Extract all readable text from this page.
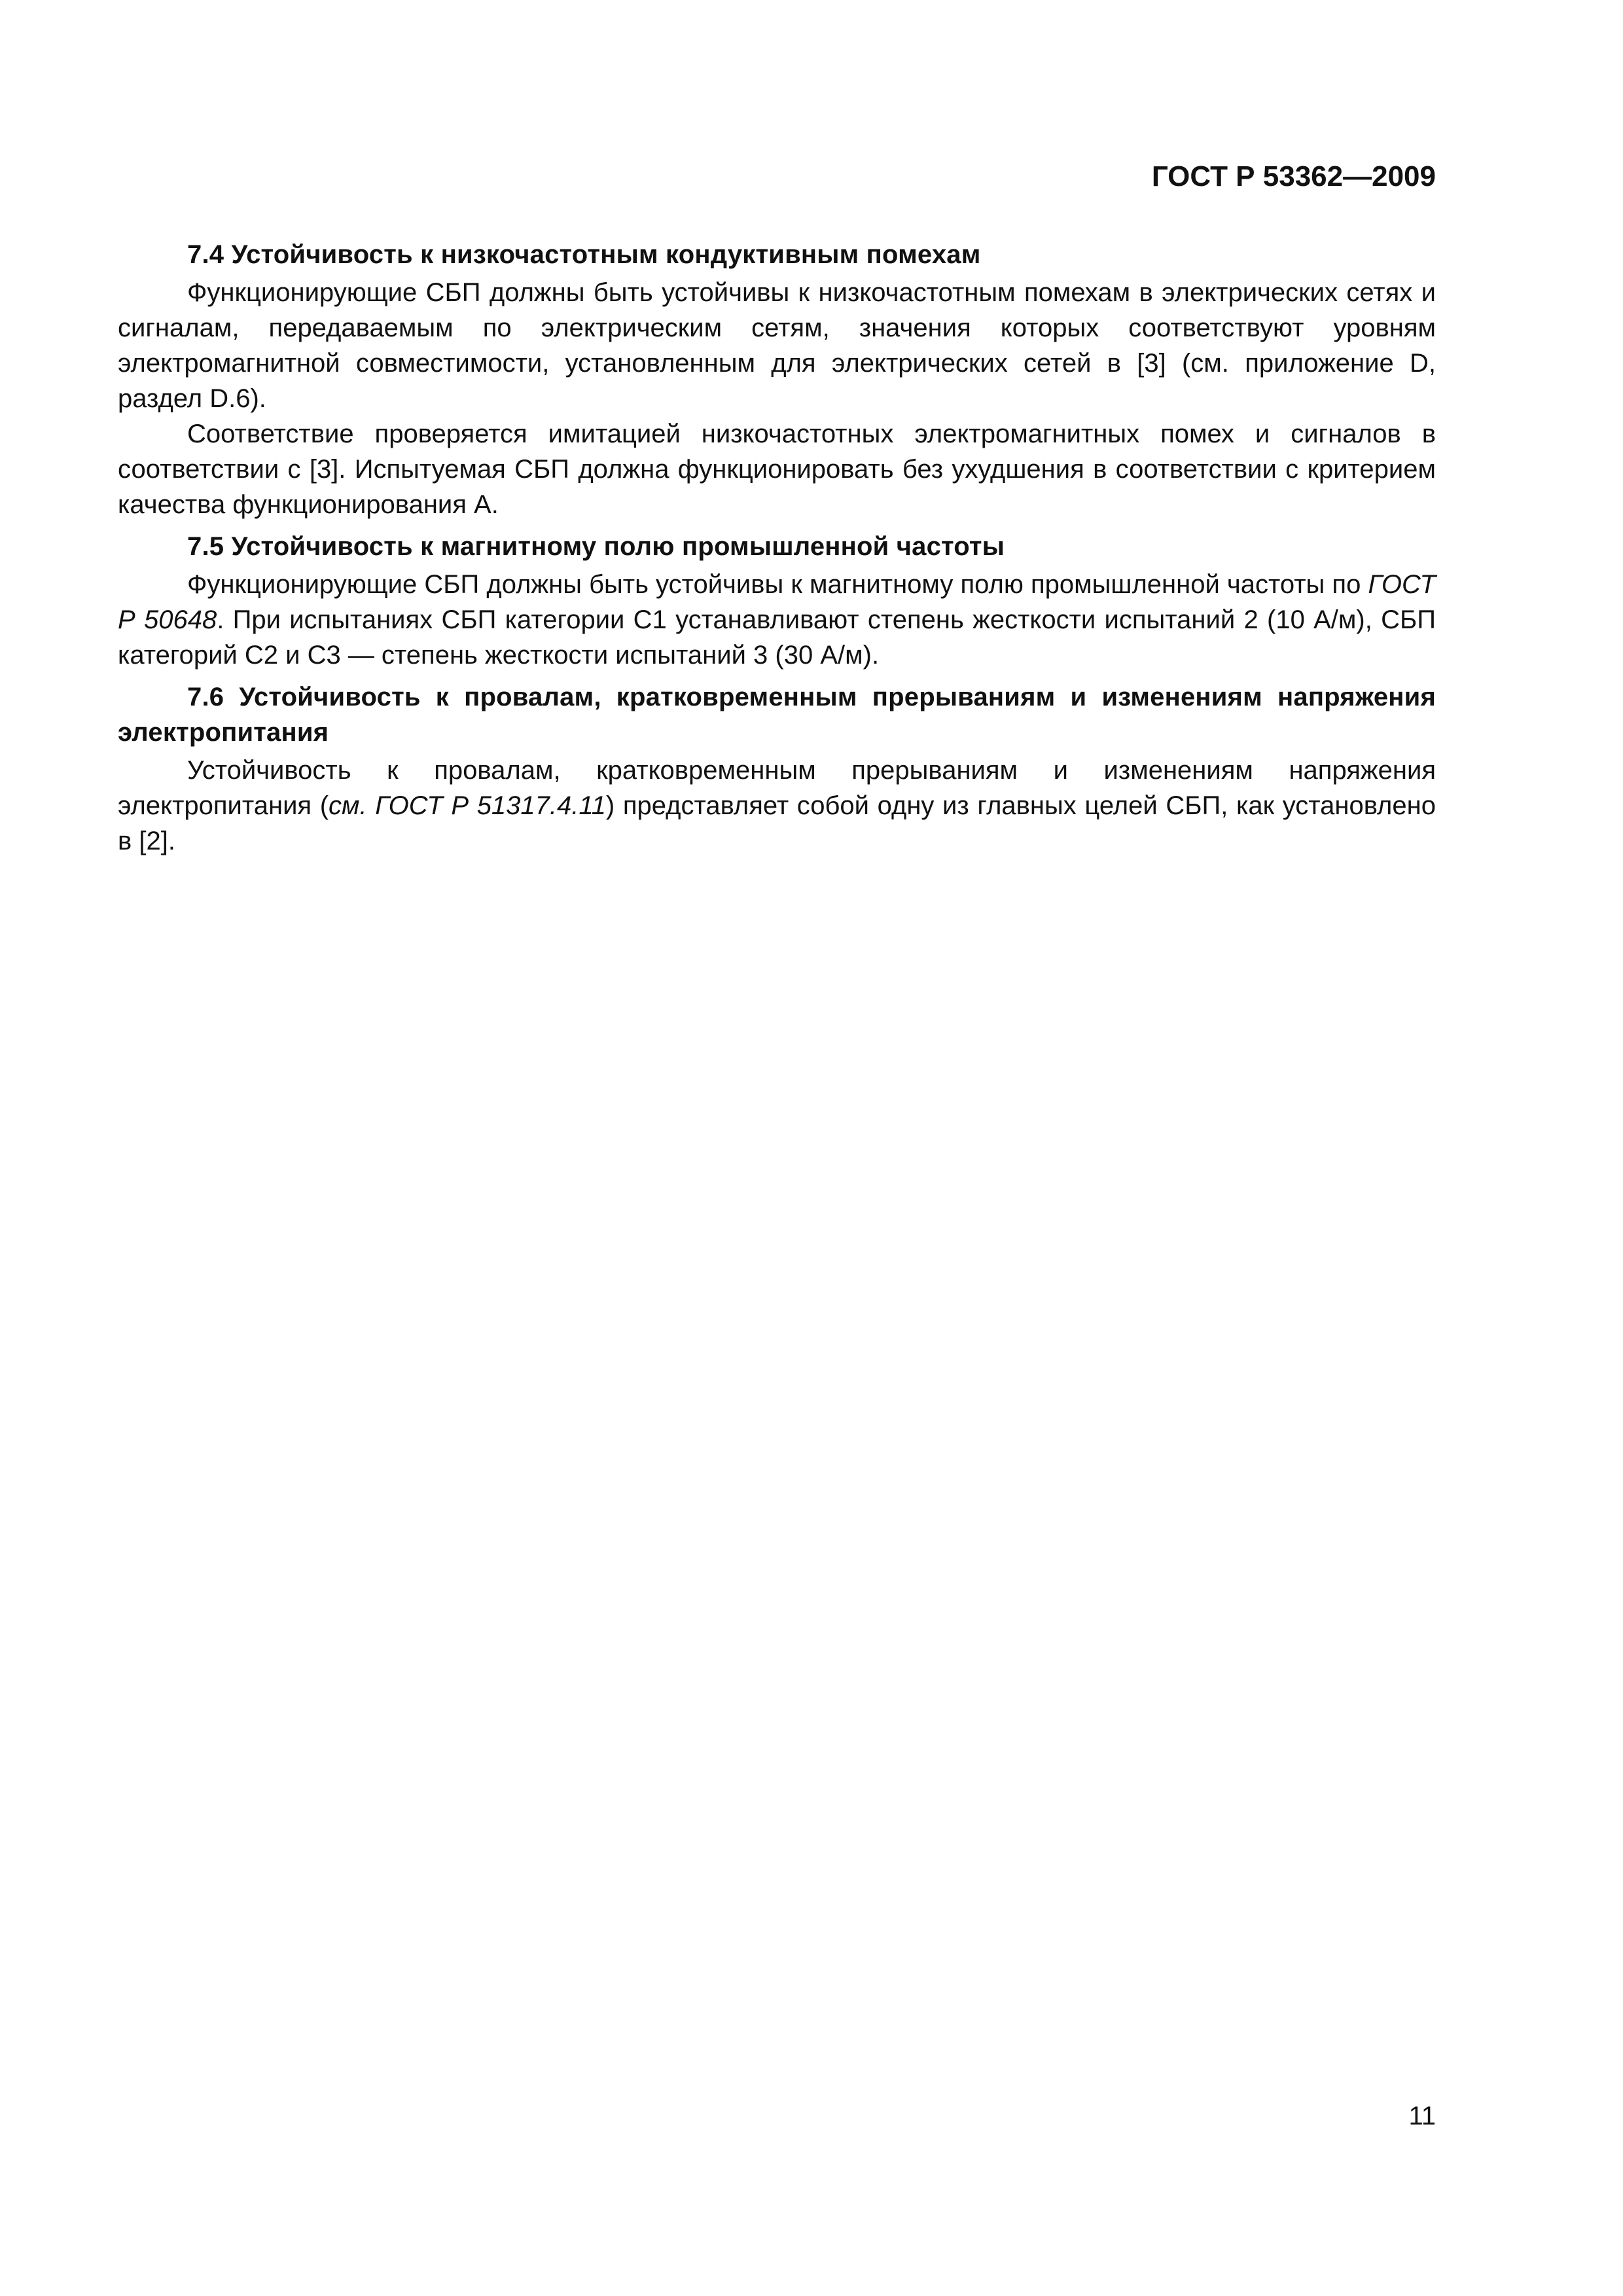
ГОСТ Р 53362—2009

7.4 Устойчивость к низкочастотным кондуктивным помехам

Функционирующие СБП должны быть устойчивы к низкочастотным помехам в электрических сетях и сигналам, передаваемым по электрическим сетям, значения которых соответствуют уровням электромагнитной совместимости, установленным для электрических сетей в [3] (см. приложение D, раздел D.6).

Соответствие проверяется имитацией низкочастотных электромагнитных помех и сигналов в соответствии с [3]. Испытуемая СБП должна функционировать без ухудшения в соответствии с критерием качества функционирования А.

7.5 Устойчивость к магнитному полю промышленной частоты

Функционирующие СБП должны быть устойчивы к магнитному полю промышленной частоты по ГОСТ Р 50648. При испытаниях СБП категории С1 устанавливают степень жесткости испытаний 2 (10 А/м), СБП категорий С2 и С3 — степень жесткости испытаний 3 (30 А/м).

7.6 Устойчивость к провалам, кратковременным прерываниям и изменениям напряжения электропитания

Устойчивость к провалам, кратковременным прерываниям и изменениям напряжения электропитания (см. ГОСТ Р 51317.4.11) представляет собой одну из главных целей СБП, как установлено в [2].

11
